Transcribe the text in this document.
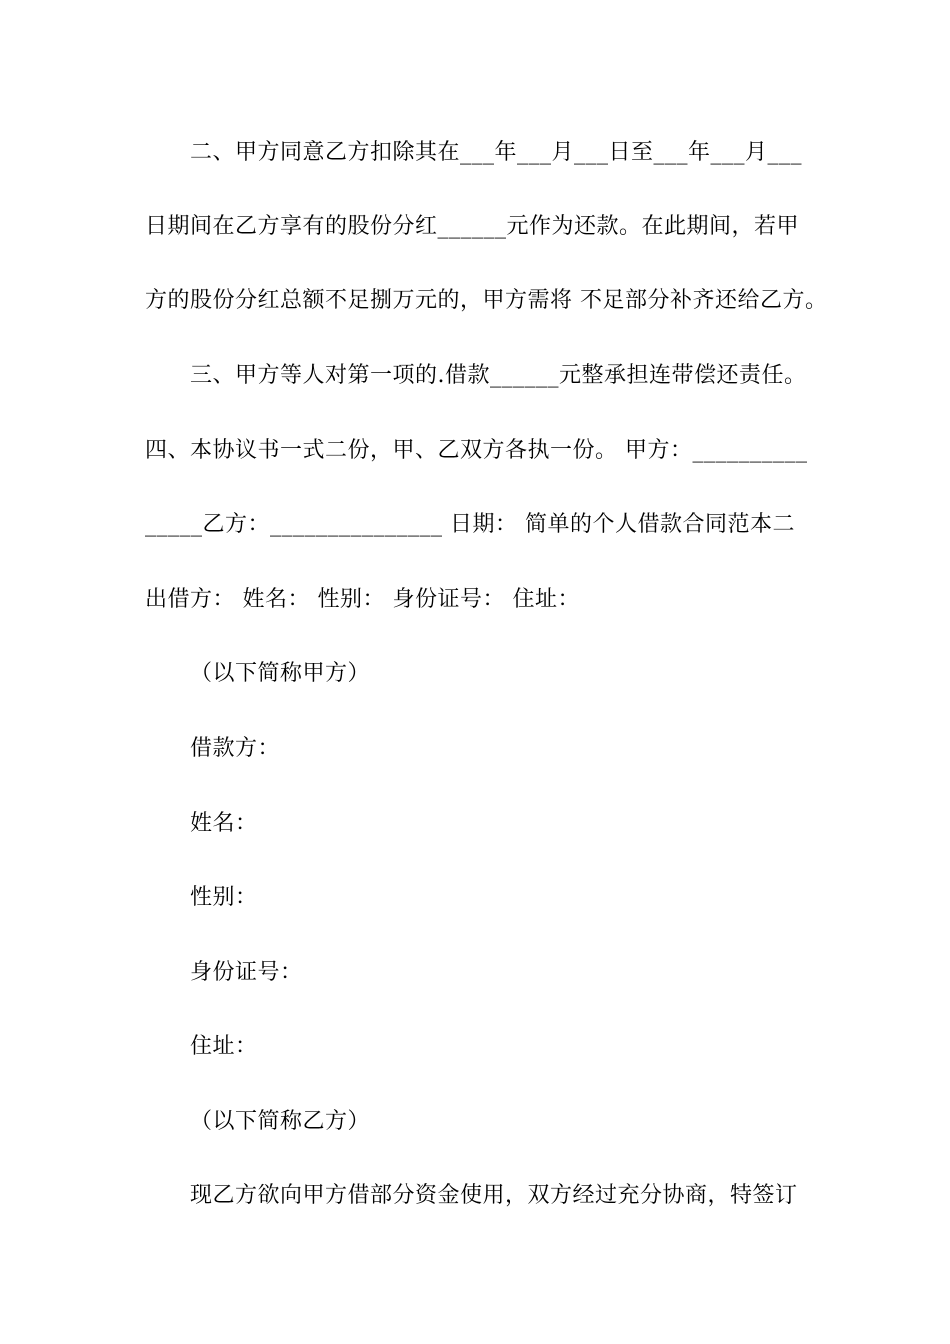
二、甲方同意乙方扣除其在___年___月___日至___年___月___
日期间在乙方享有的股份分红______元作为还款。在此期间，若甲
方的股份分红总额不足捌万元的，甲方需将 不足部分补齐还给乙方。
三、甲方等人对第一项的.借款______元整承担连带偿还责任。
四、本协议书一式二份，甲、乙双方各执一份。 甲方：__________
_____乙方：_______________ 日期： 简单的个人借款合同范本二
出借方： 姓名： 性别： 身份证号： 住址：
（以下简称甲方）
借款方：
姓名：
性别：
身份证号：
住址：
（以下简称乙方）
现乙方欲向甲方借部分资金使用，双方经过充分协商，特签订
